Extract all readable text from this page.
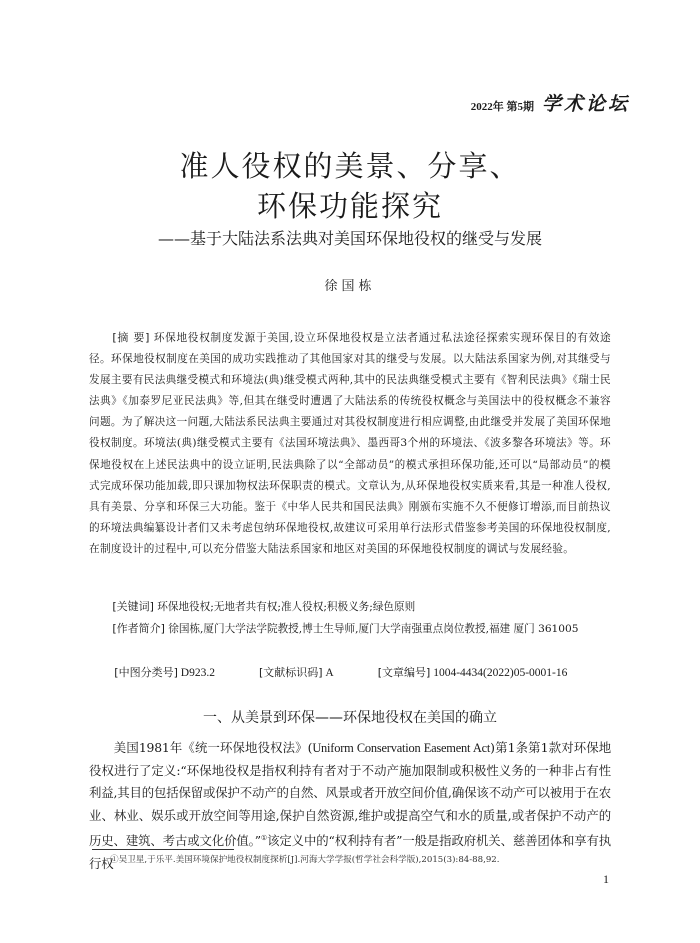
2022年 第5期 学术论坛
准人役权的美景、分享、
环保功能探究
——基于大陆法系法典对美国环保地役权的继受与发展
徐国栋
[摘 要] 环保地役权制度发源于美国,设立环保地役权是立法者通过私法途径探索实现环保目的有效途径。环保地役权制度在美国的成功实践推动了其他国家对其的继受与发展。以大陆法系国家为例,对其继受与发展主要有民法典继受模式和环境法(典)继受模式两种,其中的民法典继受模式主要有《智利民法典》《瑞士民法典》《加泰罗尼亚民法典》等,但其在继受时遭遇了大陆法系的传统役权概念与美国法中的役权概念不兼容问题。为了解决这一问题,大陆法系民法典主要通过对其役权制度进行相应调整,由此继受并发展了美国环保地役权制度。环境法(典)继受模式主要有《法国环境法典》、墨西哥3个州的环境法、《波多黎各环境法》等。环保地役权在上述民法典中的设立证明,民法典除了以“全部动员”的模式承担环保功能,还可以“局部动员”的模式完成环保功能加载,即只课加物权法环保职责的模式。文章认为,从环保地役权实质来看,其是一种准人役权,具有美景、分享和环保三大功能。鉴于《中华人民共和国民法典》刚颁布实施不久不便修订增添,而目前热议的环境法典编纂设计者们又未考虑包纳环保地役权,故建议可采用单行法形式借鉴参考美国的环保地役权制度,在制度设计的过程中,可以充分借鉴大陆法系国家和地区对美国的环保地役权制度的调试与发展经验。
[关键词] 环保地役权;无地者共有权;准人役权;积极义务;绿色原则
[作者简介] 徐国栋,厦门大学法学院教授,博士生导师,厦门大学南强重点岗位教授,福建 厦门 361005
[中图分类号] D923.2	[文献标识码] A	[文章编号] 1004-4434(2022)05-0001-16
一、从美景到环保——环保地役权在美国的确立
美国1981年《统一环保地役权法》(Uniform Conservation Easement Act)第1条第1款对环保地役权进行了定义:“环保地役权是指权利持有者对于不动产施加限制或积极性义务的一种非占有性利益,其目的包括保留或保护不动产的自然、风景或者开放空间价值,确保该不动产可以被用于在农业、林业、娱乐或开放空间等用途,保护自然资源,维护或提高空气和水的质量,或者保护不动产的历史、建筑、考古或文化价值。”①该定义中的“权利持有者”一般是指政府机关、慈善团体和享有执行权
①吴卫星,于乐平.美国环境保护地役权制度探析[J].河海大学学报(哲学社会科学版),2015(3):84-88,92.
1
